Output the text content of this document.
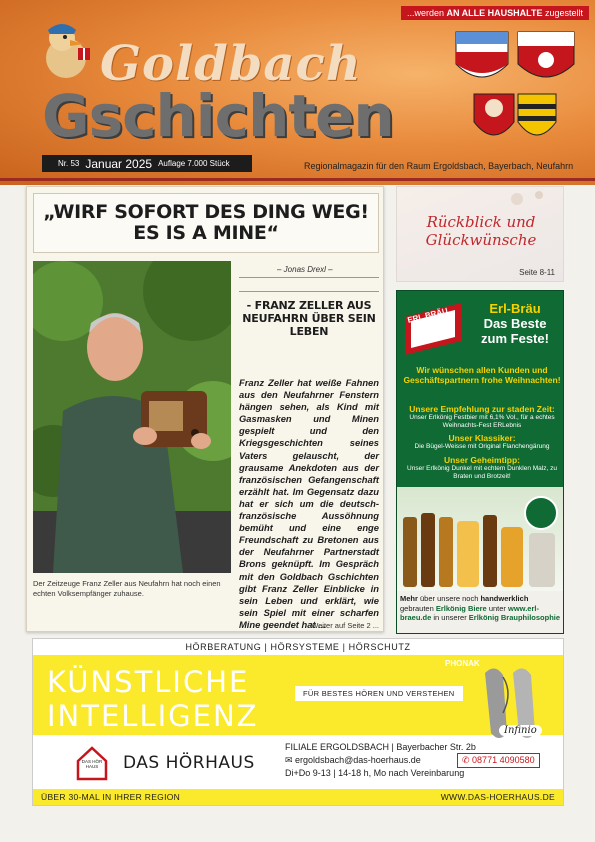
...werden AN ALLE HAUSHALTE zugestellt
Goldbach
Gschichten
Nr. 53 Januar 2025 Auflage 7.000 Stück	Regionalmagazin für den Raum Ergoldsbach, Bayerbach, Neufahrn
„WIRF SOFORT DES DING WEG!
ES IS A MINE“
Der Zeitzeuge Franz Zeller aus Neufahrn hat noch einen echten Volksempfänger zuhause.
– Jonas Drexl –
- FRANZ ZELLER AUS NEUFAHRN ÜBER SEIN LEBEN
Franz Zeller hat weiße Fahnen aus den Neufahrner Fenstern hängen sehen, als Kind mit Gasmasken und Minen gespielt und den Kriegsgeschichten seines Vaters gelauscht, der grausame Anekdoten aus der französischen Gefangenschaft erzählt hat. Im Gegensatz dazu hat er sich um die deutsch-französische Aussöhnung bemüht und eine enge Freundschaft zu Bretonen aus der Neufahrner Partnerstadt Brons geknüpft. Im Gespräch mit den Goldbach Gschichten gibt Franz Zeller Einblicke in sein Leben und erklärt, wie sein Spiel mit einer scharfen Mine geendet hat ...
Weiter auf Seite 2 ...
Rückblick und
Glückwünsche
Seite 8-11
ERL BRÄU	Erl-Bräu
Das Beste
zum Feste!
Wir wünschen allen Kunden und Geschäftspartnern frohe Weihnachten!
Unsere Empfehlung zur staden Zeit:
Unser Erlkönig Festbier mit 6,1% Vol., für a echtes Weihnachts-Fest ERLebnis
Unser Klassiker:
Die Bügel-Weisse mit Original Flanchengärung
Unser Geheimtipp:
Unser Erlkönig Dunkel mit echtem Dunklen Malz, zu Braten und Brotzeit!
Mehr über unsere noch handwerklich gebrauten Erlkönig Biere unter www.erl-braeu.de in unserer Erlkönig Brauphilosophie
HÖRBERATUNG | HÖRSYSTEME | HÖRSCHUTZ
KÜNSTLICHE
INTELLIGENZ
FÜR BESTES HÖREN UND VERSTEHEN
PHONAK
Infinio
DAS HÖR HAUS	DAS HÖRHAUS
FILIALE ERGOLDSBACH | Bayerbacher Str. 2b
✉ ergoldsbach@das-hoerhaus.de
Di+Do 9-13 | 14-18 h, Mo nach Vereinbarung
✆ 08771 4090580
ÜBER 30-MAL IN IHRER REGION	WWW.DAS-HOERHAUS.DE
